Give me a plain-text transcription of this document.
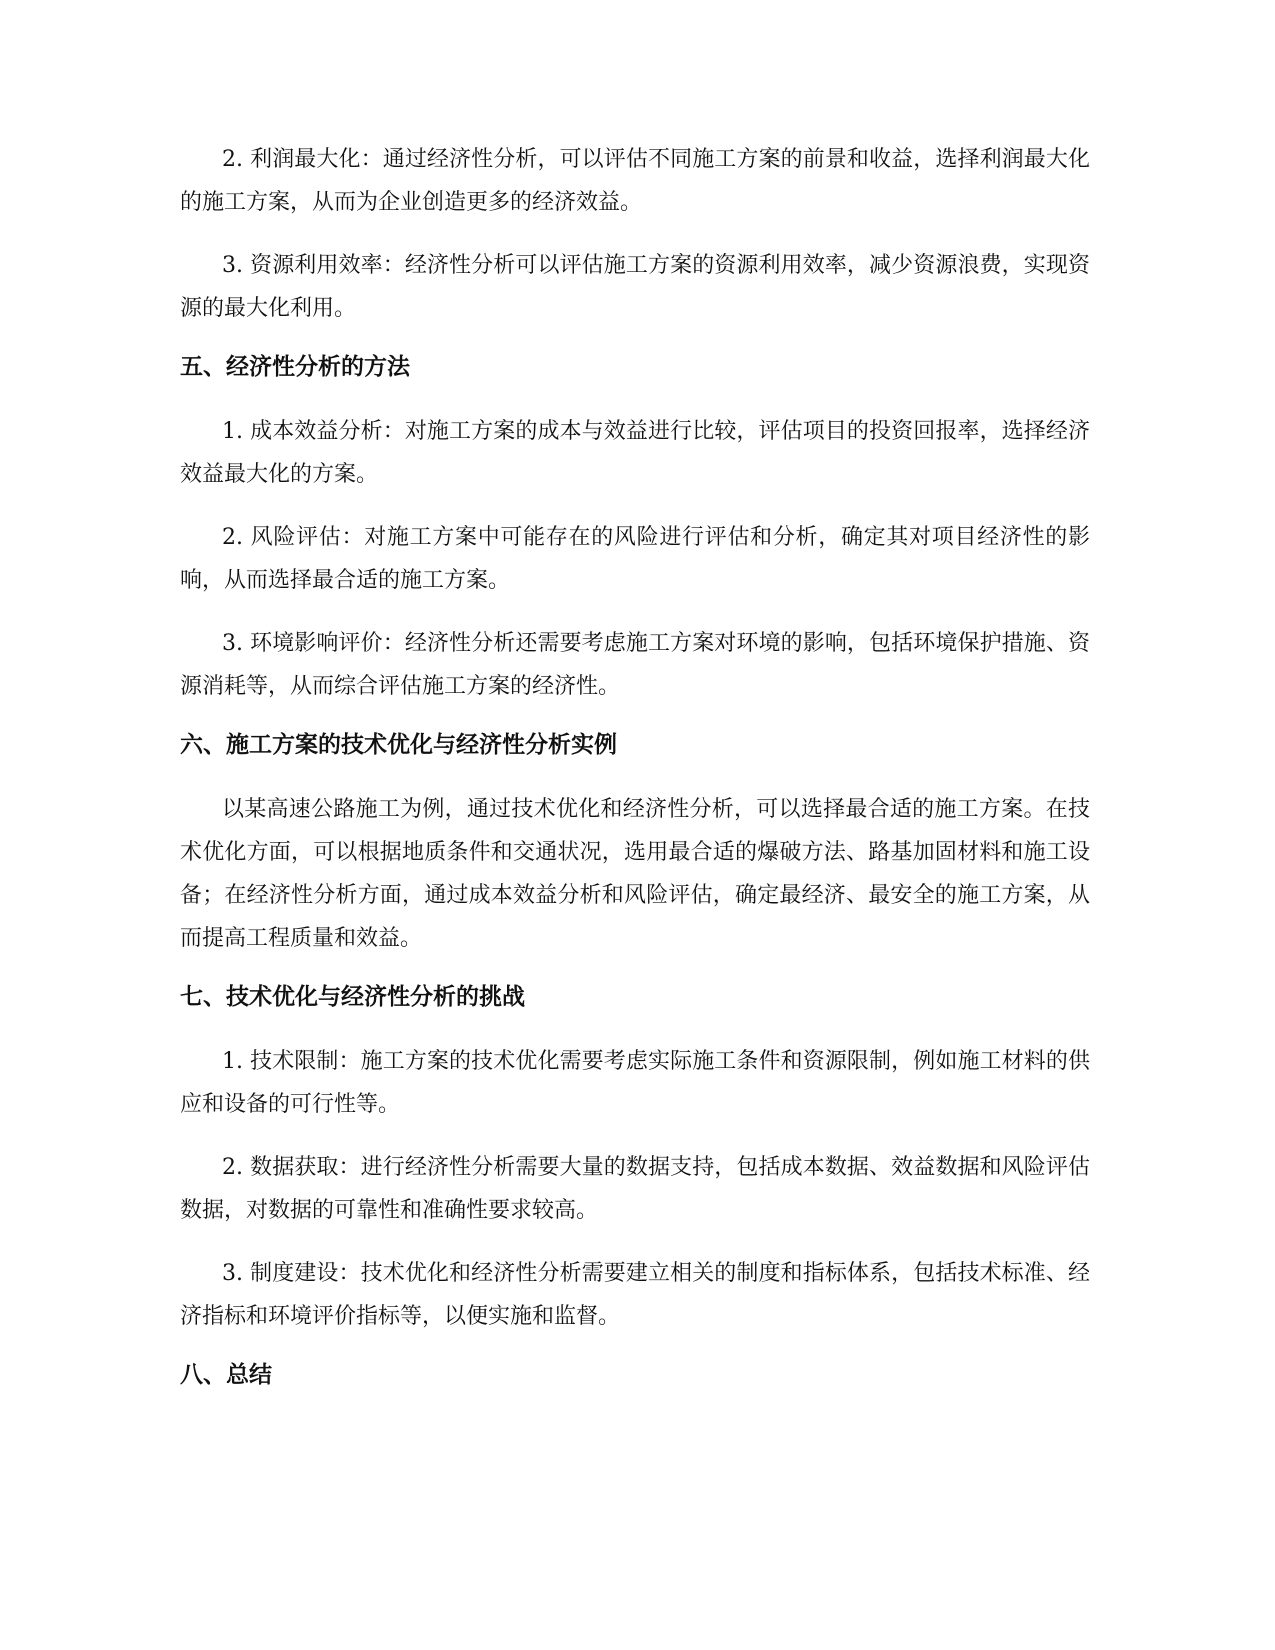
2. 利润最大化：通过经济性分析，可以评估不同施工方案的前景和收益，选择利润最大化的施工方案，从而为企业创造更多的经济效益。

3. 资源利用效率：经济性分析可以评估施工方案的资源利用效率，减少资源浪费，实现资源的最大化利用。

五、经济性分析的方法

1. 成本效益分析：对施工方案的成本与效益进行比较，评估项目的投资回报率，选择经济效益最大化的方案。

2. 风险评估：对施工方案中可能存在的风险进行评估和分析，确定其对项目经济性的影响，从而选择最合适的施工方案。

3. 环境影响评价：经济性分析还需要考虑施工方案对环境的影响，包括环境保护措施、资源消耗等，从而综合评估施工方案的经济性。

六、施工方案的技术优化与经济性分析实例

以某高速公路施工为例，通过技术优化和经济性分析，可以选择最合适的施工方案。在技术优化方面，可以根据地质条件和交通状况，选用最合适的爆破方法、路基加固材料和施工设备；在经济性分析方面，通过成本效益分析和风险评估，确定最经济、最安全的施工方案，从而提高工程质量和效益。

七、技术优化与经济性分析的挑战

1. 技术限制：施工方案的技术优化需要考虑实际施工条件和资源限制，例如施工材料的供应和设备的可行性等。

2. 数据获取：进行经济性分析需要大量的数据支持，包括成本数据、效益数据和风险评估数据，对数据的可靠性和准确性要求较高。

3. 制度建设：技术优化和经济性分析需要建立相关的制度和指标体系，包括技术标准、经济指标和环境评价指标等，以便实施和监督。

八、总结
